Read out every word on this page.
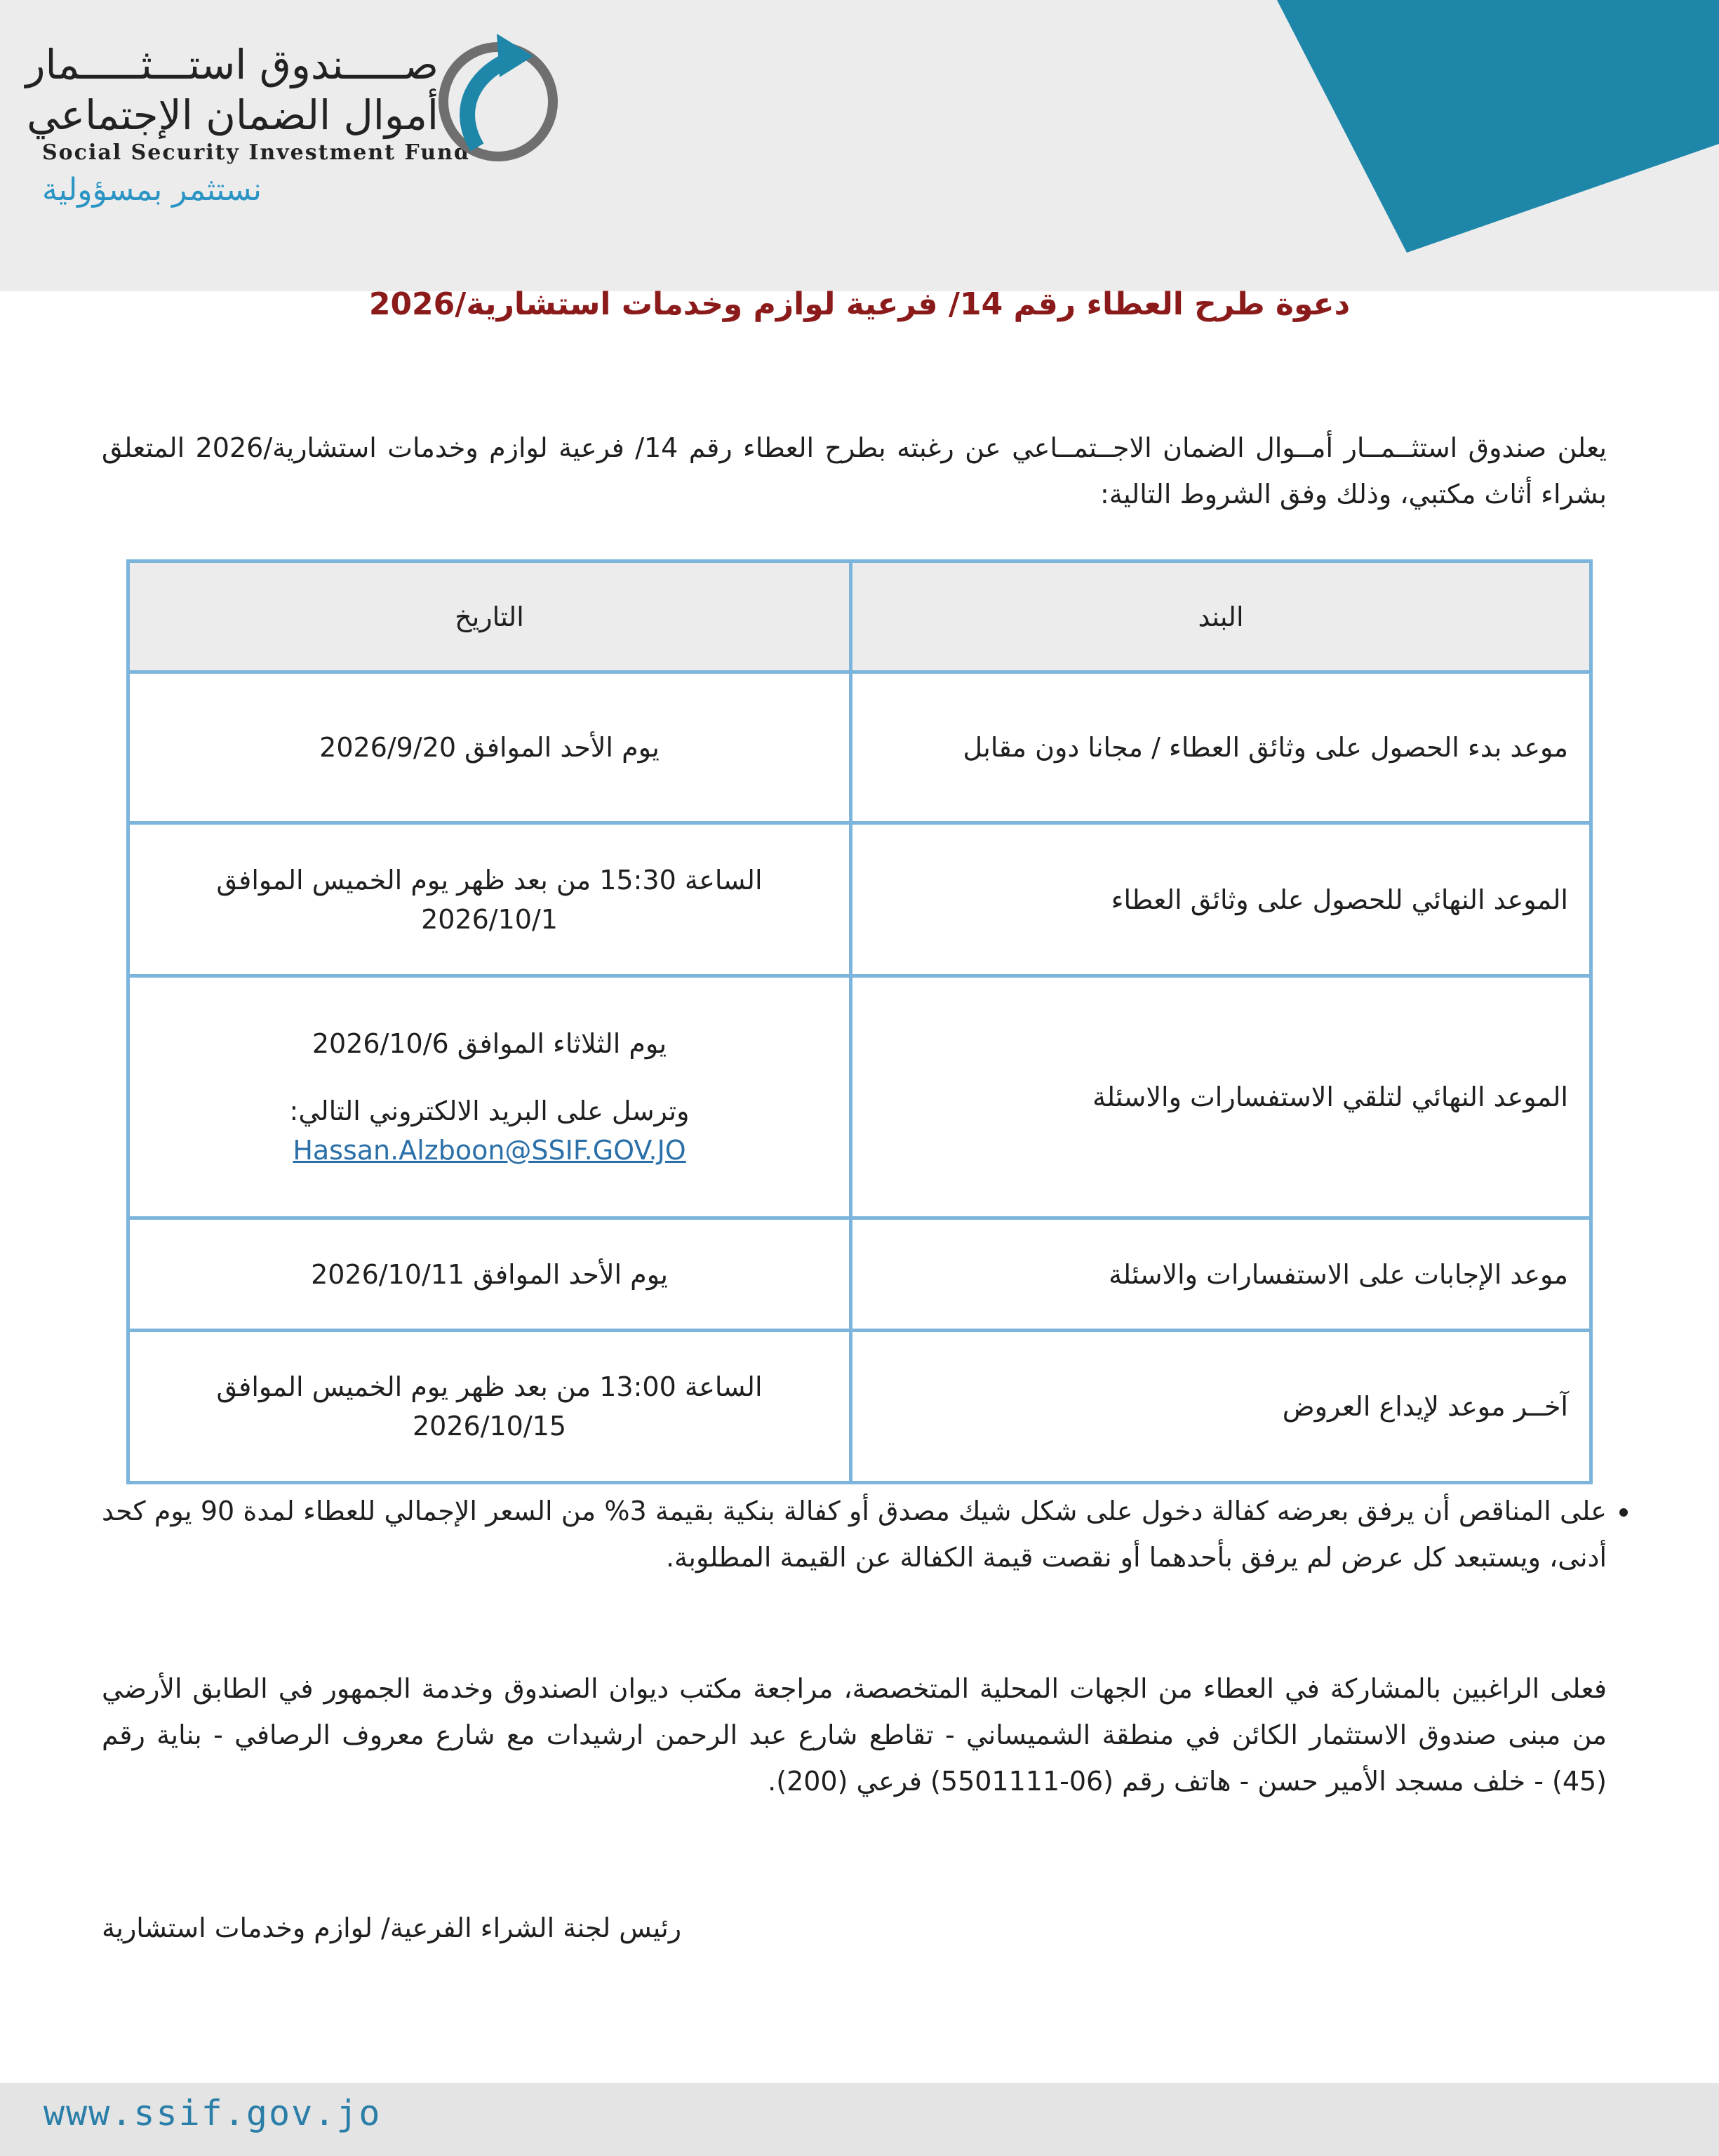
صـــــندوق استـــثـــــمار
أموال الضمان الإجتماعي
Social Security Investment Fund
نستثمر بمسؤولية
دعوة طرح العطاء رقم 14/ فرعية لوازم وخدمات استشارية/2026
يعلن صندوق استثــمــار أمــوال الضمان الاجــتمــاعي عن رغبته بطرح العطاء رقم 14/ فرعية لوازم وخدمات استشارية/2026 المتعلق بشراء أثاث مكتبي، وذلك وفق الشروط التالية:
البند	التاريخ
موعد بدء الحصول على وثائق العطاء / مجانا دون مقابل	يوم الأحد الموافق 2026/9/20
الموعد النهائي للحصول على وثائق العطاء	الساعة 15:30 من بعد ظهر يوم الخميس الموافق 2026/10/1
الموعد النهائي لتلقي الاستفسارات والاسئلة	يوم الثلاثاء الموافق 2026/10/6
وترسل على البريد الالكتروني التالي:
Hassan.Alzboon@SSIF.GOV.JO
موعد الإجابات على الاستفسارات والاسئلة	يوم الأحد الموافق 2026/10/11
آخــر موعد لإيداع العروض	الساعة 13:00 من بعد ظهر يوم الخميس الموافق 2026/10/15
• على المناقص أن يرفق بعرضه كفالة دخول على شكل شيك مصدق أو كفالة بنكية بقيمة 3% من السعر الإجمالي للعطاء لمدة 90 يوم كحد أدنى، ويستبعد كل عرض لم يرفق بأحدهما أو نقصت قيمة الكفالة عن القيمة المطلوبة.
فعلى الراغبين بالمشاركة في العطاء من الجهات المحلية المتخصصة، مراجعة مكتب ديوان الصندوق وخدمة الجمهور في الطابق الأرضي من مبنى صندوق الاستثمار الكائن في منطقة الشميساني - تقاطع شارع عبد الرحمن ارشيدات مع شارع معروف الرصافي - بناية رقم (45) - خلف مسجد الأمير حسن - هاتف رقم (06-5501111) فرعي (200).
رئيس لجنة الشراء الفرعية/ لوازم وخدمات استشارية
www.ssif.gov.jo
